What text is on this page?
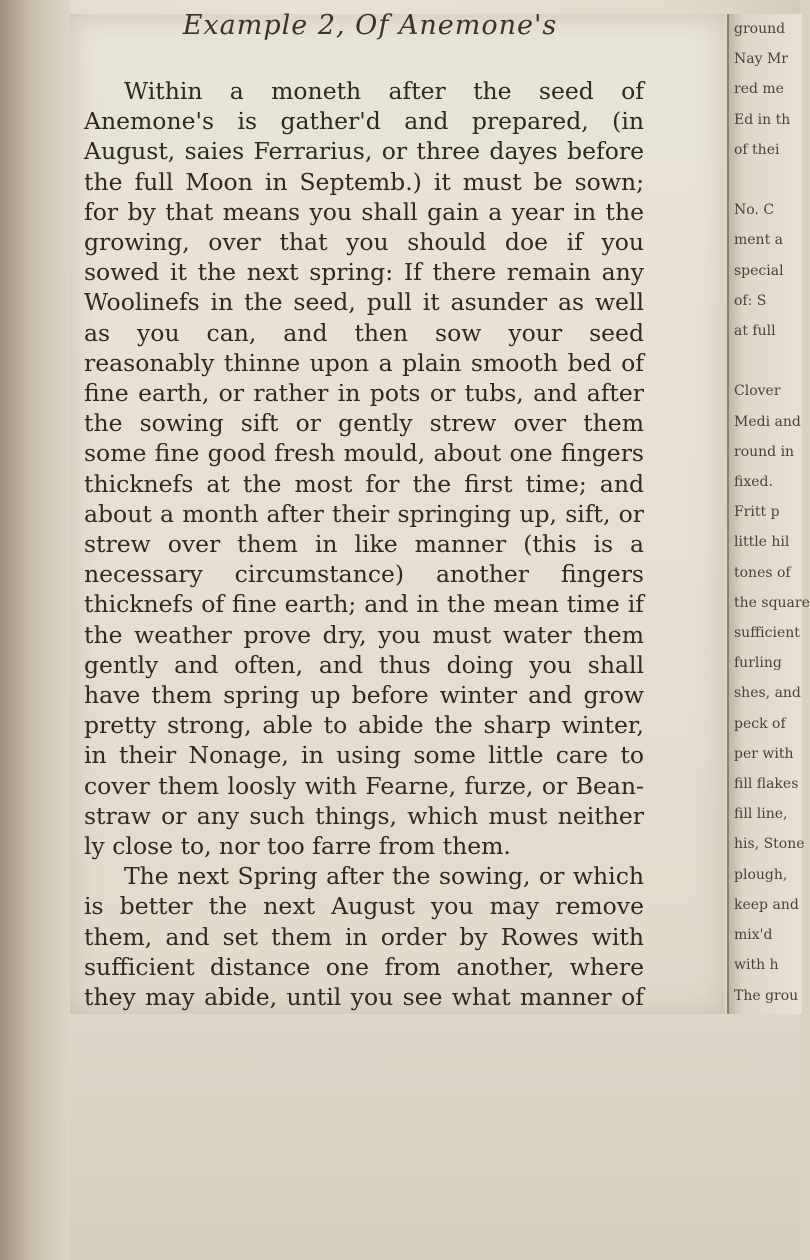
Example 2, Of Anemone's

Within a moneth after the seed of Anemone's is gather'd and prepared, (in August, saies Ferrarius, or three dayes before the full Moon in Septemb.) it must be sown; for by that means you shall gain a year in the growing, over that you should doe if you sowed it the next spring: If there remain any Woolinefs in the seed, pull it asunder as well as you can, and then sow your seed reasonably thinne upon a plain smooth bed of fine earth, or rather in pots or tubs, and after the sowing sift or gently strew over them some fine good fresh mould, about one fingers thicknefs at the most for the first time; and about a month after their springing up, sift, or strew over them in like manner (this is a necessary circumstance) another fingers thicknefs of fine earth; and in the mean time if the weather prove dry, you must water them gently and often, and thus doing you shall have them spring up before winter and grow pretty strong, able to abide the sharp winter, in their Nonage, in using some little care to cover them loosly with Fearne, furze, or Bean-straw or any such things, which must neither ly close to, nor too farre from them.

The next Spring after the sowing, or which is better the next August you may remove them, and set them in order by Rowes with sufficient distance one from another, where they may abide, until you see what manner of

ground
Nay Mr
red me
Ed in th
of thei

No. C
ment a
special
of: S
at full

Clover
Medi and
round in
fixed.
Fritt p
little hil
tones of
the square
sufficient
furling
shes, and
peck of
per with
fill flakes
fill line,
his, Stone
plough,
keep and
mix'd
with h
The grou
